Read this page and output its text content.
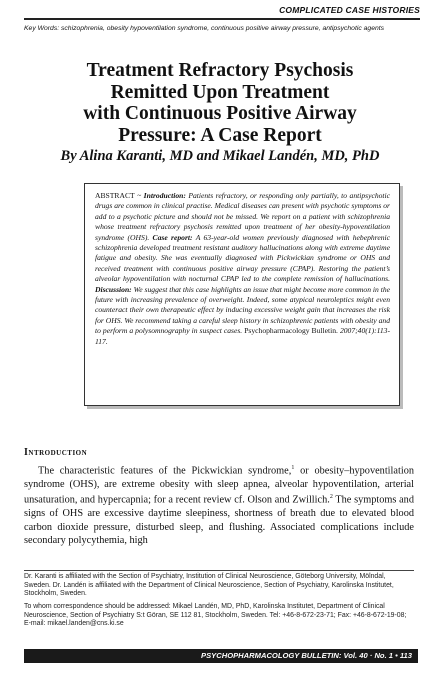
COMPLICATED CASE HISTORIES
Key Words: schizophrenia, obesity hypoventilation syndrome, continuous positive airway pressure, antipsychotic agents
Treatment Refractory Psychosis
Remitted Upon Treatment
with Continuous Positive Airway
Pressure: A Case Report
By Alina Karanti, MD and Mikael Landén, MD, PhD
ABSTRACT ~ Introduction: Patients refractory, or responding only partially, to antipsychotic drugs are common in clinical practise. Medical diseases can present with psychotic symptoms or add to a psychotic picture and should not be missed. We report on a patient with schizophrenia whose treatment refractory psychosis remitted upon treatment of her obesity-hypoventilation syndrome (OHS). Case report: A 63-year-old women previously diagnosed with hebephrenic schizophrenia developed treatment resistant auditory hallucinations along with extreme daytime fatigue and obesity. She was eventually diagnosed with Pickwickian syndrome or OHS and received treatment with continuous positive airway pressure (CPAP). Restoring the patient’s alveolar hypoventilation with nocturnal CPAP led to the complete remission of hallucinations. Discussion: We suggest that this case highlights an issue that might become more common in the future with increasing prevalence of overweight. Indeed, some atypical neuroleptics might even counteract their own therapeutic effect by inducing excessive weight gain that increases the risk for OHS. We recommend taking a careful sleep history in schizophrenic patients with obesity and to perform a polysomnography in suspect cases. Psychopharmacology Bulletin. 2007;40(1):113-117.
Introduction
The characteristic features of the Pickwickian syndrome,$^1$ or obesity–hypoventilation syndrome (OHS), are extreme obesity with sleep apnea, alveolar hypoventilation, arterial unsaturation, and hypercapnia; for a recent review cf. Olson and Zwillich.$^2$ The symptoms and signs of OHS are excessive daytime sleepiness, shortness of breath due to elevated blood carbon dioxide pressure, disturbed sleep, and flushing. Associated complications include secondary polycythemia, high
Dr. Karanti is affiliated with the Section of Psychiatry, Institution of Clinical Neuroscience, Göteborg University, Mölndal, Sweden. Dr. Landén is affiliated with the Department of Clinical Neuroscience, Section of Psychiatry, Karolinska Institutet, Stockholm, Sweden.
To whom correspondence should be addressed: Mikael Landén, MD, PhD, Karolinska Institutet, Department of Clinical Neuroscience, Section of Psychiatry S:t Göran, SE 112 81, Stockholm, Sweden. Tel: +46-8-672-23-71; Fax: +46-8-672-19-08; E-mail: mikael.landen@cns.ki.se
PSYCHOPHARMACOLOGY BULLETIN: Vol. 40 · No. 1 • 113
